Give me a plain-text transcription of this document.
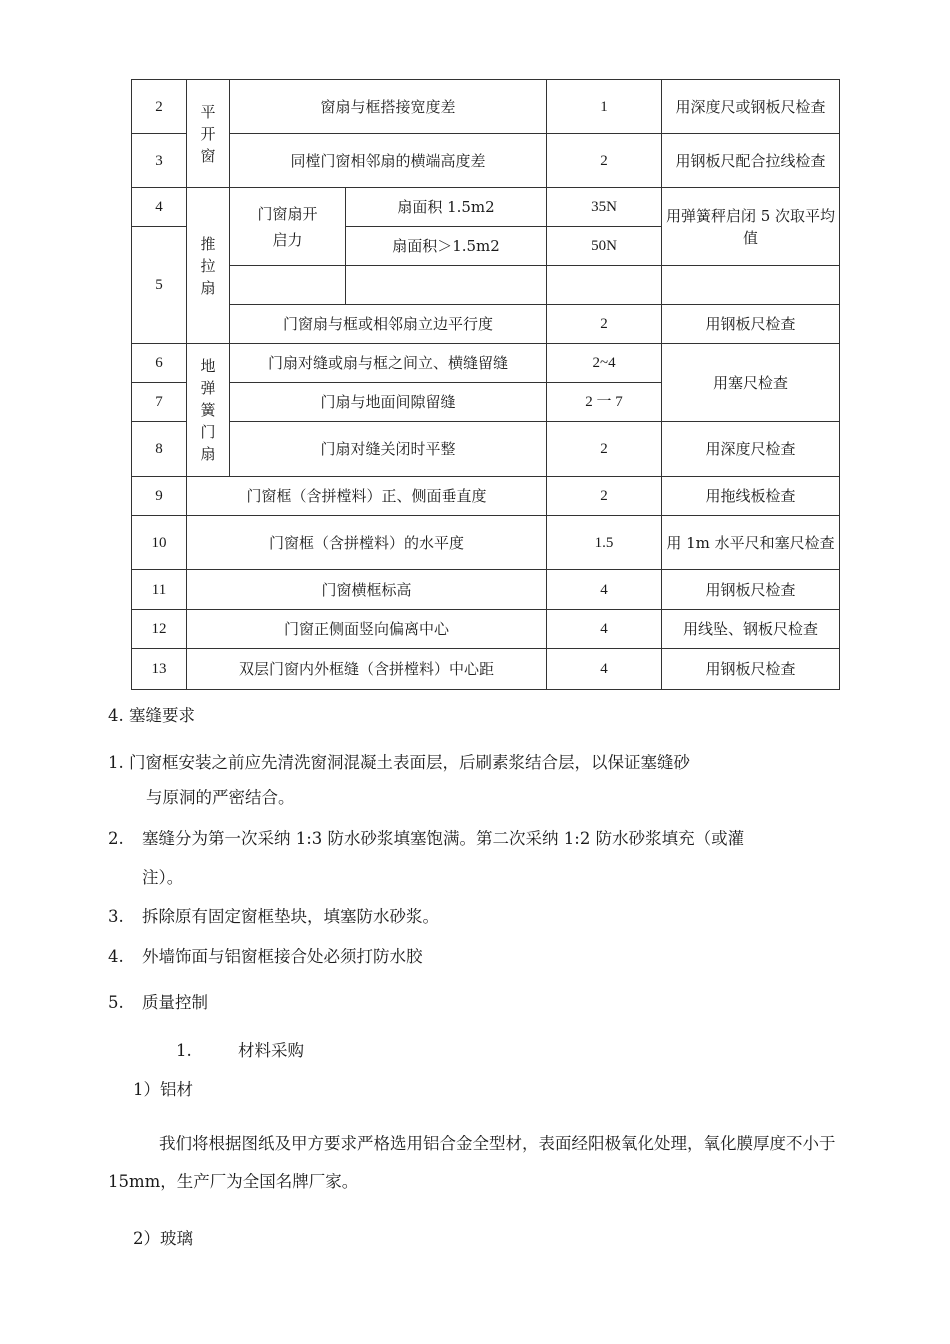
2	平开窗	窗扇与框搭接宽度差		1	用深度尺或钢板尺检查
3		同樘门窗相邻扇的横端高度差		2	用钢板尺配合拉线检查
4	推拉扇	门窗扇开启力	扇面积 1.5m2	35N	用弹簧秤启闭 5 次取平均值
5			扇面积＞1.5m2	50N	

		门窗扇与框或相邻扇立边平行度		2	用钢板尺检查
6	地弹簧门扇	门扇对缝或扇与框之间立、横缝留缝		2~4	用塞尺检查
7		门扇与地面间隙留缝		2 一 7	
8		门扇对缝关闭时平整		2	用深度尺检查
9	门窗框（含拼樘料）正、侧面垂直度			2	用拖线板检查
10	门窗框（含拼樘料）的水平度			1.5	用 1m 水平尺和塞尺检查
11	门窗横框标高			4	用钢板尺检查
12	门窗正侧面竖向偏离中心			4	用线坠、钢板尺检查
13	双层门窗内外框缝（含拼樘料）中心距			4	用钢板尺检查
4. 塞缝要求
1. 门窗框安装之前应先清洗窗洞混凝土表面层，后刷素浆结合层，以保证塞缝砂
与原洞的严密结合。
2. 塞缝分为第一次采纳 1:3 防水砂浆填塞饱满。第二次采纳 1:2 防水砂浆填充（或灌
注）。
3. 拆除原有固定窗框垫块，填塞防水砂浆。
4. 外墙饰面与铝窗框接合处必须打防水胶
5. 质量控制
1.	材料采购
1）铝材
我们将根据图纸及甲方要求严格选用铝合金全型材，表面经阳极氧化处理，氧化膜厚度不小于 15mm，生产厂为全国名牌厂家。
2）玻璃
